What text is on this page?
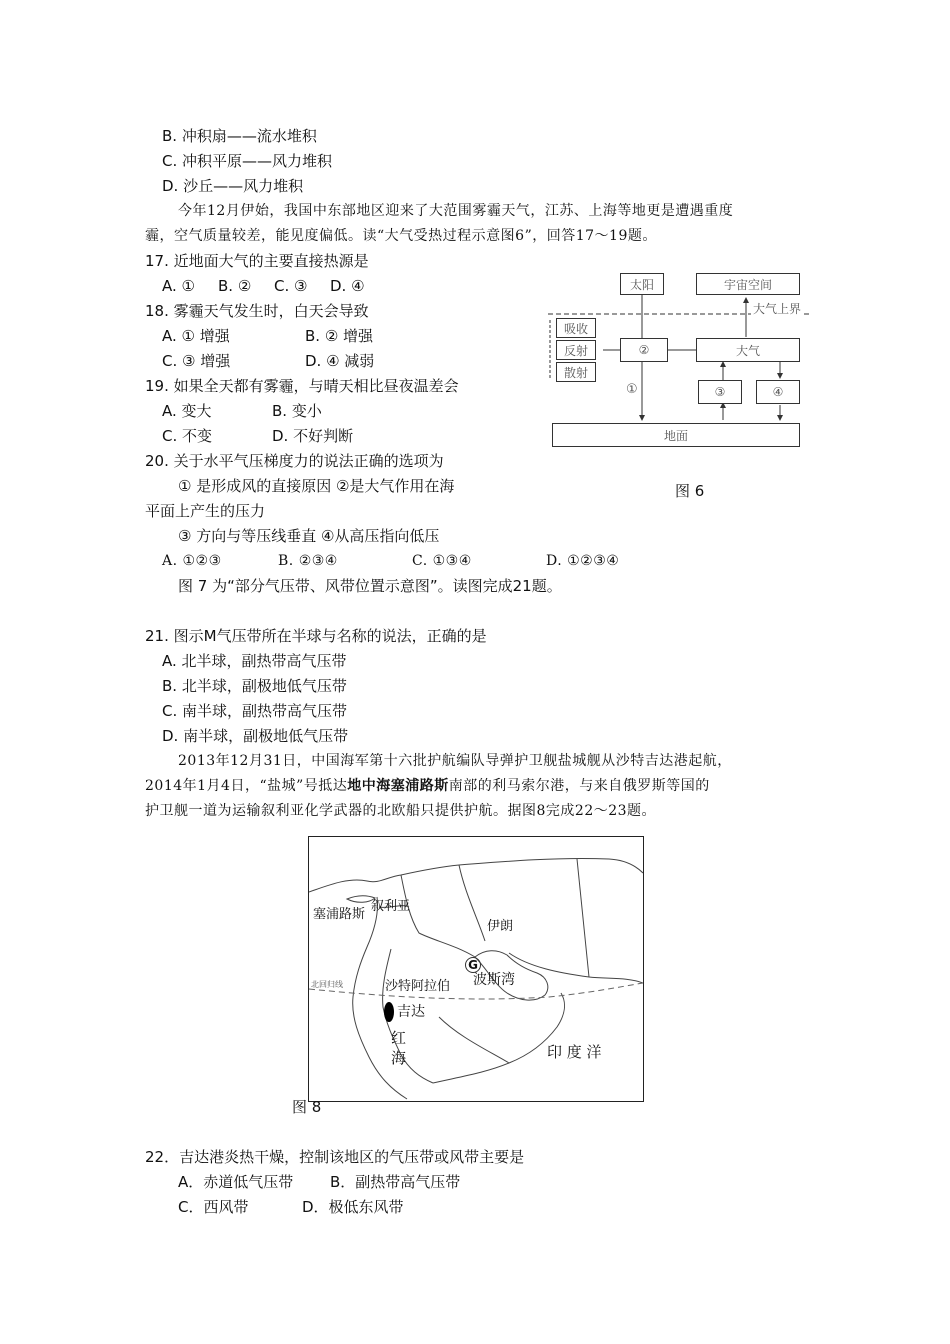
B. 冲积扇——流水堆积
C. 冲积平原——风力堆积
D. 沙丘——风力堆积
今年12月伊始，我国中东部地区迎来了大范围雾霾天气，江苏、上海等地更是遭遇重度
霾，空气质量较差，能见度偏低。读“大气受热过程示意图6”，回答17～19题。
17. 近地面大气的主要直接热源是
A. ① B. ② C. ③ D. ④
18. 雾霾天气发生时，白天会导致
A. ① 增强	B. ② 增强
C. ③ 增强	D. ④ 减弱
19. 如果全天都有雾霾，与晴天相比昼夜温差会
A. 变大	B. 变小
C. 不变	D. 不好判断
20. 关于水平气压梯度力的说法正确的选项为
① 是形成风的直接原因 ②是大气作用在海
平面上产生的压力
③ 方向与等压线垂直 ④从高压指向低压
A. ①②③	B. ②③④	C. ①③④	D. ①②③④
太阳	宇宙空间
大气上界
吸收
反射
散射
②	大气
①	③	④
地面
图 6
图 7 为“部分气压带、风带位置示意图”。读图完成21题。
21. 图示M气压带所在半球与名称的说法，正确的是
A. 北半球，副热带高气压带
B. 北半球，副极地低气压带
C. 南半球，副热带高气压带
D. 南半球，副极地低气压带
2013年12月31日，中国海军第十六批护航编队导弹护卫舰盐城舰从沙特吉达港起航，
2014年1月4日，“盐城”号抵达地中海塞浦路斯南部的利马索尔港，与来自俄罗斯等国的
护卫舰一道为运输叙利亚化学武器的北欧船只提供护航。据图8完成22～23题。
塞浦路斯
叙利亚
伊朗
沙特阿拉伯 波斯湾
G
北回归线
吉达
红
海	印 度 洋
图 8
22．吉达港炎热干燥，控制该地区的气压带或风带主要是
A．赤道低气压带 B．副热带高气压带
C．西风带	D．极低东风带
